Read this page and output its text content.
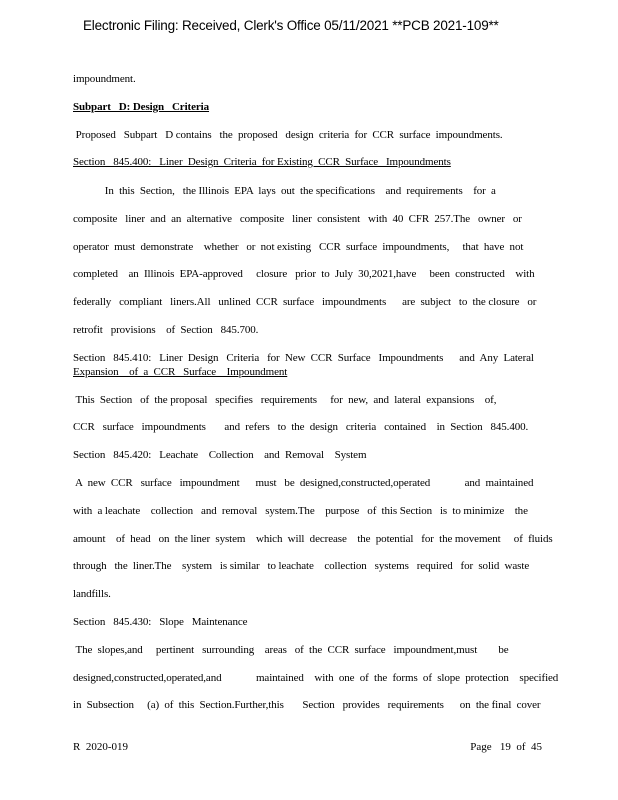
Electronic Filing: Received, Clerk's Office 05/11/2021 **PCB 2021-109**
impoundment.
Subpart   D: Design   Criteria
Proposed   Subpart   D contains   the  proposed   design  criteria  for  CCR  surface  impoundments.
Section   845.400:   Liner  Design  Criteria  for Existing  CCR  Surface   Impoundments
In  this  Section,   the Illinois  EPA  lays  out  the specifications    and  requirements    for  a
composite   liner  and  an  alternative   composite   liner  consistent   with  40  CFR  257.The   owner   or
operator  must  demonstrate    whether   or  not existing   CCR  surface  impoundments,     that  have  not
completed    an  Illinois  EPA-approved     closure   prior  to  July  30,2021,have     been  constructed    with
federally   compliant   liners.All   unlined  CCR  surface   impoundments      are  subject   to  the closure   or
retrofit   provisions    of  Section   845.700.
Section   845.410:   Liner  Design   Criteria   for  New  CCR  Surface   Impoundments      and  Any  Lateral
Expansion    of  a  CCR   Surface    Impoundment
This  Section   of  the proposal   specifies   requirements     for  new,  and  lateral  expansions    of,
CCR   surface   impoundments       and  refers   to  the  design   criteria   contained    in  Section   845.400.
Section   845.420:   Leachate    Collection    and  Removal    System
A  new  CCR   surface   impoundment      must   be  designed,constructed,operated             and  maintained
with  a leachate    collection   and  removal   system.The    purpose   of  this Section   is  to minimize    the
amount    of  head   on  the liner  system    which  will  decrease    the  potential   for  the movement     of  fluids
through   the  liner.The    system   is similar   to leachate    collection   systems   required   for  solid  waste
landfills.
Section   845.430:   Slope   Maintenance
The  slopes,and     pertinent   surrounding    areas   of  the  CCR  surface   impoundment,must        be
designed,constructed,operated,and             maintained    with  one  of  the  forms  of  slope  protection    specified
in  Subsection     (a)  of  this  Section.Further,this       Section   provides   requirements      on  the final  cover
R  2020-019	Page   19  of  45
